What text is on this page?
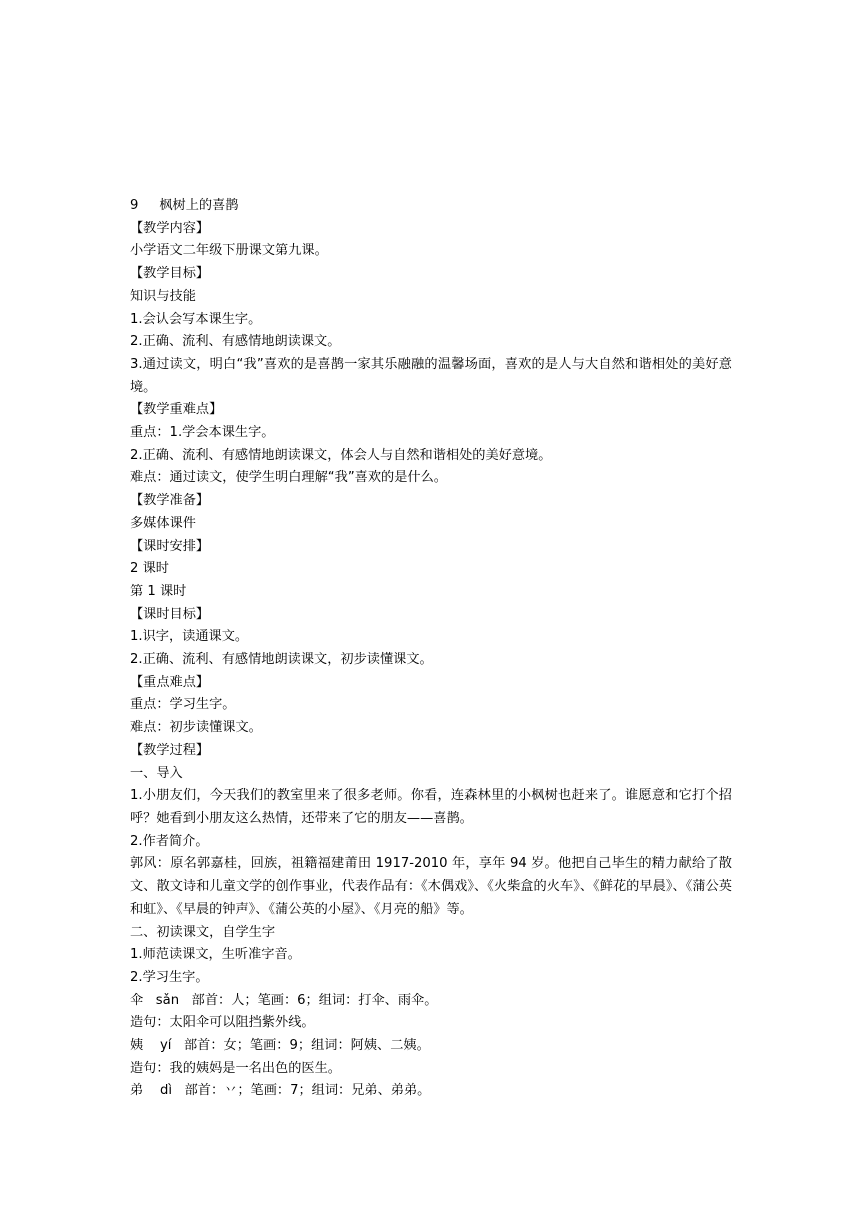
9     枫树上的喜鹊
【教学内容】
小学语文二年级下册课文第九课。
【教学目标】
知识与技能
1.会认会写本课生字。
2.正确、流利、有感情地朗读课文。
3.通过读文，明白“我”喜欢的是喜鹊一家其乐融融的温馨场面，喜欢的是人与大自然和谐相处的美好意境。
【教学重难点】
重点：1.学会本课生字。
2.正确、流利、有感情地朗读课文，体会人与自然和谐相处的美好意境。
难点：通过读文，使学生明白理解“我”喜欢的是什么。
【教学准备】
多媒体课件
【课时安排】
2 课时
第 1 课时
【课时目标】
1.识字，读通课文。
2.正确、流利、有感情地朗读课文，初步读懂课文。
【重点难点】
重点：学习生字。
难点：初步读懂课文。
【教学过程】
一、导入
1.小朋友们，今天我们的教室里来了很多老师。你看，连森林里的小枫树也赶来了。谁愿意和它打个招呼？她看到小朋友这么热情，还带来了它的朋友——喜鹊。
2.作者简介。
郭风：原名郭嘉桂，回族，祖籍福建莆田 1917-2010 年，享年 94 岁。他把自己毕生的精力献给了散文、散文诗和儿童文学的创作事业，代表作品有：《木偶戏》、《火柴盒的火车》、《鲜花的早晨》、《蒲公英和虹》、《早晨的钟声》、《蒲公英的小屋》、《月亮的船》等。
二、初读课文，自学生字
1.师范读课文，生听准字音。
2.学习生字。
伞   sǎn   部首：人；笔画：6；组词：打伞、雨伞。
造句：太阳伞可以阻挡紫外线。
姨    yí   部首：女；笔画：9；组词：阿姨、二姨。
造句：我的姨妈是一名出色的医生。
弟    dì   部首：丷；笔画：7；组词：兄弟、弟弟。
